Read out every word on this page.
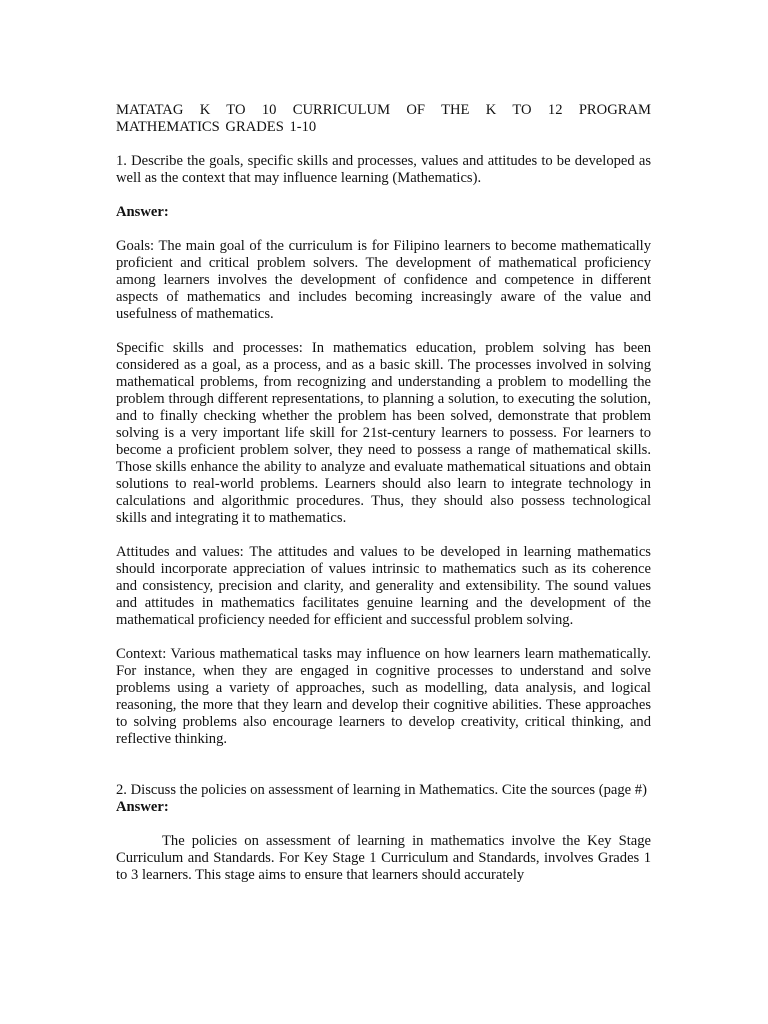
MATATAG K TO 10 CURRICULUM OF THE K TO 12 PROGRAM MATHEMATICS GRADES 1-10

1. Describe the goals, specific skills and processes, values and attitudes to be developed as well as the context that may influence learning (Mathematics).

Answer:

Goals: The main goal of the curriculum is for Filipino learners to become mathematically proficient and critical problem solvers. The development of mathematical proficiency among learners involves the development of confidence and competence in different aspects of mathematics and includes becoming increasingly aware of the value and usefulness of mathematics.

Specific skills and processes: In mathematics education, problem solving has been considered as a goal, as a process, and as a basic skill. The processes involved in solving mathematical problems, from recognizing and understanding a problem to modelling the problem through different representations, to planning a solution, to executing the solution, and to finally checking whether the problem has been solved, demonstrate that problem solving is a very important life skill for 21st-century learners to possess. For learners to become a proficient problem solver, they need to possess a range of mathematical skills. Those skills enhance the ability to analyze and evaluate mathematical situations and obtain solutions to real-world problems. Learners should also learn to integrate technology in calculations and algorithmic procedures. Thus, they should also possess technological skills and integrating it to mathematics.

Attitudes and values: The attitudes and values to be developed in learning mathematics should incorporate appreciation of values intrinsic to mathematics such as its coherence and consistency, precision and clarity, and generality and extensibility. The sound values and attitudes in mathematics facilitates genuine learning and the development of the mathematical proficiency needed for efficient and successful problem solving.

Context: Various mathematical tasks may influence on how learners learn mathematically. For instance, when they are engaged in cognitive processes to understand and solve problems using a variety of approaches, such as modelling, data analysis, and logical reasoning, the more that they learn and develop their cognitive abilities. These approaches to solving problems also encourage learners to develop creativity, critical thinking, and reflective thinking.

2. Discuss the policies on assessment of learning in Mathematics. Cite the sources (page #)

Answer:

The policies on assessment of learning in mathematics involve the Key Stage Curriculum and Standards. For Key Stage 1 Curriculum and Standards, involves Grades 1 to 3 learners. This stage aims to ensure that learners should accurately
